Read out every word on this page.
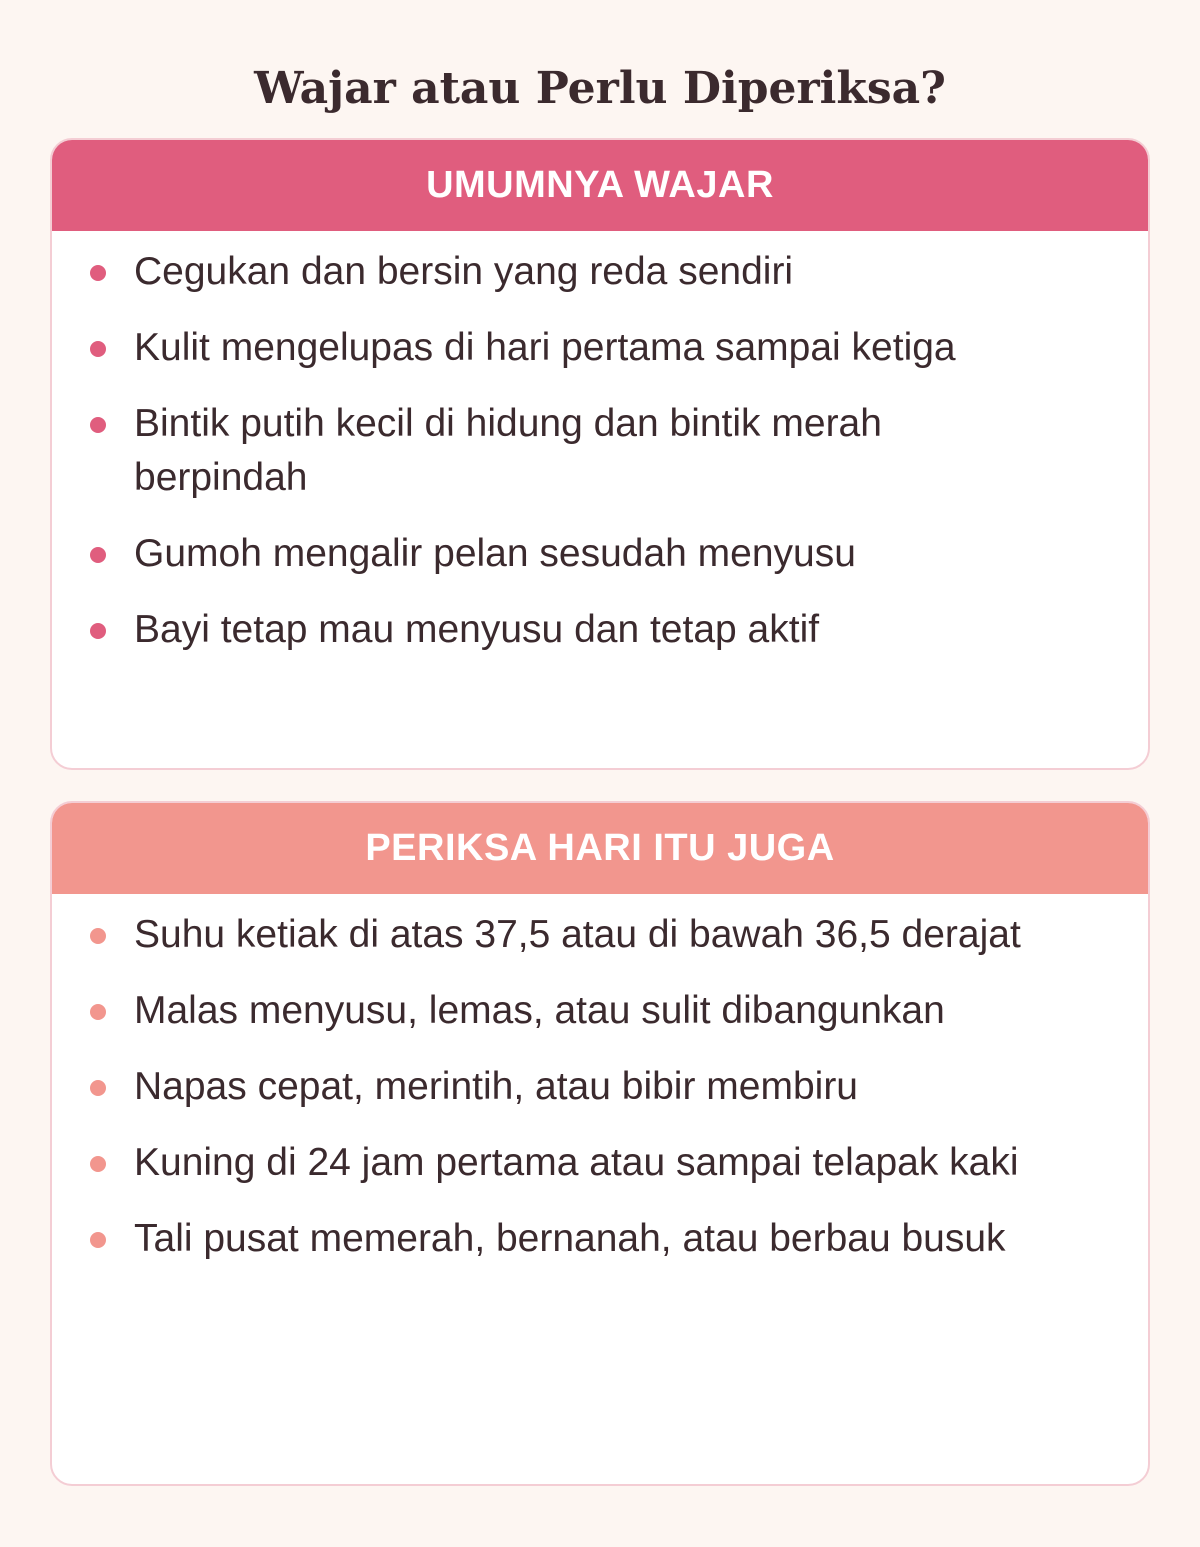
Wajar atau Perlu Diperiksa?
UMUMNYA WAJAR
Cegukan dan bersin yang reda sendiri
Kulit mengelupas di hari pertama sampai ketiga
Bintik putih kecil di hidung dan bintik merah berpindah
Gumoh mengalir pelan sesudah menyusu
Bayi tetap mau menyusu dan tetap aktif
PERIKSA HARI ITU JUGA
Suhu ketiak di atas 37,5 atau di bawah 36,5 derajat
Malas menyusu, lemas, atau sulit dibangunkan
Napas cepat, merintih, atau bibir membiru
Kuning di 24 jam pertama atau sampai telapak kaki
Tali pusat memerah, bernanah, atau berbau busuk
